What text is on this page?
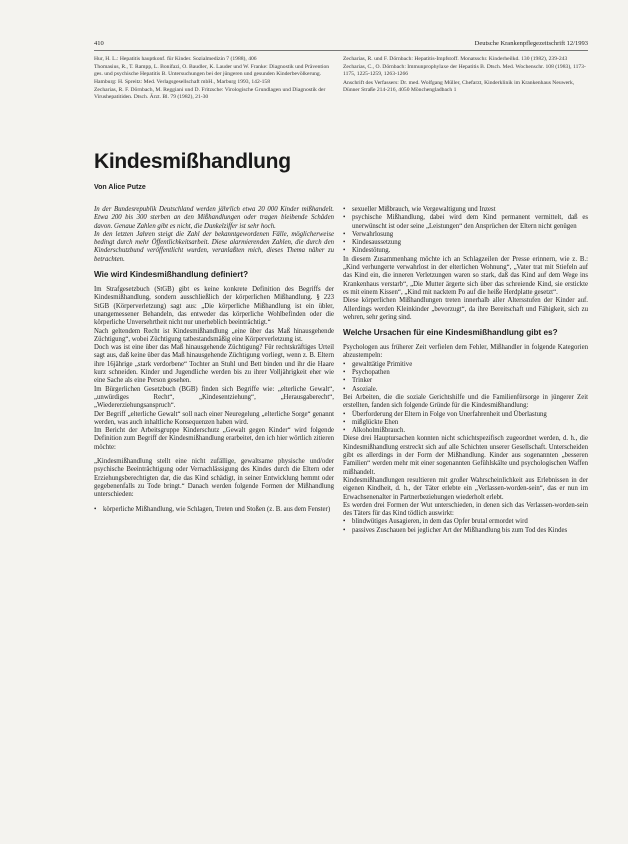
410	Deutsche Krankenpflegezeitschrift 12/1993

Hur, H. L.: Hepatitis hauptkonf. für Kinder. Sozialmedizin 7 (1988), 406

Thomasius, R., T. Rampp, L. Bonifazi, O. Baudler, K. Lauder und W. Franke: Diagnostik und Prävention ges. und psychische Hepatitis B. Untersuchungen bei der jüngeren und gesunden Kinderbevölkerung. Hamburg: H. Spreitz: Med. Verlagsgesellschaft mbH., Marburg 1993, 142-158

Zecharias, R. F. Dörnbach, M. Reggiani und D. Fritzsche: Virologische Grundlagen und Diagnostik der Virushepatitiden. Dtsch. Ärzt. Bl. 79 (1982), 21-30

Zecharias, R. und F. Dörnbach: Hepatitis-Impfstoff. Monatsschr. Kinderheilkd. 130 (1982), 239-243

Zecharias, C., O. Dörnbach: Immunprophylaxe der Hepatitis B. Dtsch. Med. Wochenschr. 108 (1983), 1173-1175, 1225-1259, 1263-1266

Anschrift des Verfassers: Dr. med. Wolfgang Müller, Chefarzt, Kinderklinik im Krankenhaus Neuwerk, Dünner Straße 214-216, 4050 Mönchengladbach 1

Kindesmißhandlung
Von Alice Putze

In der Bundesrepublik Deutschland werden jährlich etwa 20 000 Kinder mißhandelt. Etwa 200 bis 300 sterben an den Mißhandlungen oder tragen bleibende Schäden davon. Genaue Zahlen gibt es nicht, die Dunkelziffer ist sehr hoch.

In den letzten Jahren steigt die Zahl der bekanntgewordenen Fälle, möglicherweise bedingt durch mehr Öffentlichkeitsarbeit. Diese alarmierenden Zahlen, die durch den Kinderschutzbund veröffentlicht wurden, veranlaßten mich, dieses Thema näher zu betrachten.

Wie wird Kindesmißhandlung definiert?

Im Strafgesetzbuch (StGB) gibt es keine konkrete Definition des Begriffs der Kindesmißhandlung, sondern ausschließlich der körperlichen Mißhandlung. § 223 StGB (Körperverletzung) sagt aus: „Die körperliche Mißhandlung ist ein übler, unangemessener Behandeln, das entweder das körperliche Wohlbefinden oder die körperliche Unversehrtheit nicht nur unerheblich beeinträchtigt.“

Nach geltendem Recht ist Kindesmißhandlung „eine über das Maß hinausgehende Züchtigung“, wobei Züchtigung tatbestandsmäßig eine Körperverletzung ist.

Doch was ist eine über das Maß hinausgehende Züchtigung? Für rechtskräftiges Urteil sagt aus, daß keine über das Maß hinausgehende Züchtigung vorliegt, wenn z. B. Eltern ihre 16jährige „stark verdorbene“ Tochter an Stuhl und Bett binden und ihr die Haare kurz schneiden. Kinder und Jugendliche werden bis zu ihrer Volljährigkeit eher wie eine Sache als eine Person gesehen.

Im Bürgerlichen Gesetzbuch (BGB) finden sich Begriffe wie: „elterliche Gewalt“, „unwürdiges Recht“, „Kindesentziehung“, „Herausgaberecht“, „Wiedererziehungsanspruch“.

Der Begriff „elterliche Gewalt“ soll nach einer Neuregelung „elterliche Sorge“ genannt werden, was auch inhaltliche Konsequenzen haben wird.

Im Bericht der Arbeitsgruppe Kinderschutz „Gewalt gegen Kinder“ wird folgende Definition zum Begriff der Kindesmißhandlung erarbeitet, den ich hier wörtlich zitieren möchte:

„Kindesmißhandlung stellt eine nicht zufällige, gewaltsame physische und/oder psychische Beeinträchtigung oder Vernachlässigung des Kindes durch die Eltern oder Erziehungsberechtigten dar, die das Kind schädigt, in seiner Entwicklung hemmt oder gegebenenfalls zu Tode bringt.“ Danach werden folgende Formen der Mißhandlung unterschieden:

• körperliche Mißhandlung, wie Schlagen, Treten und Stoßen (z. B. aus dem Fenster)
• sexueller Mißbrauch, wie Vergewaltigung und Inzest
• psychische Mißhandlung, dabei wird dem Kind permanent vermittelt, daß es unerwünscht ist oder seine „Leistungen“ den Ansprüchen der Eltern nicht genügen
• Verwahrlosung
• Kindesaussetzung
• Kindestötung.

In diesem Zusammenhang möchte ich an Schlagzeilen der Presse erinnern, wie z. B.: „Kind verhungerte verwahrlost in der elterlichen Wohnung“, „Vater trat mit Stiefeln auf das Kind ein, die inneren Verletzungen waren so stark, daß das Kind auf dem Wege ins Krankenhaus verstarb“, „Die Mutter ärgerte sich über das schreiende Kind, sie erstickte es mit einem Kissen“, „Kind mit nacktem Po auf die heiße Herdplatte gesetzt“.

Diese körperlichen Mißhandlungen treten innerhalb aller Altersstufen der Kinder auf. Allerdings werden Kleinkinder „bevorzugt“, da ihre Bereitschaft und Fähigkeit, sich zu wehren, sehr gering sind.

Welche Ursachen für eine Kindesmißhandlung gibt es?

Psychologen aus früherer Zeit verfielen dem Fehler, Mißhandler in folgende Kategorien abzustempeln:

• gewalttätige Primitive
• Psychopathen
• Trinker
• Asoziale.

Bei Arbeiten, die die soziale Gerichtshilfe und die Familienfürsorge in jüngerer Zeit erstellten, fanden sich folgende Gründe für die Kindesmißhandlung:

• Überforderung der Eltern in Folge von Unerfahrenheit und Überlastung
• mißglückte Ehen
• Alkoholmißbrauch.

Diese drei Hauptursachen konnten nicht schichtspezifisch zugeordnet werden, d. h., die Kindesmißhandlung erstreckt sich auf alle Schichten unserer Gesellschaft. Unterscheiden gibt es allerdings in der Form der Mißhandlung. Kinder aus sogenannten „besseren Familien“ werden mehr mit einer sogenannten Gefühlskälte und psychologischen Waffen mißhandelt.

Kindesmißhandlungen resultieren mit großer Wahrscheinlichkeit aus Erlebnissen in der eigenen Kindheit, d. h., der Täter erlebte ein „Verlassen-worden-sein“, das er nun im Erwachsenenalter in Partnerbeziehungen wiederholt erlebt.

Es werden drei Formen der Wut unterschieden, in denen sich das Verlassen-worden-sein des Täters für das Kind tödlich auswirkt:

• blindwütiges Ausagieren, in dem das Opfer brutal ermordet wird
• passives Zuschauen bei jeglicher Art der Mißhandlung bis zum Tod des Kindes
